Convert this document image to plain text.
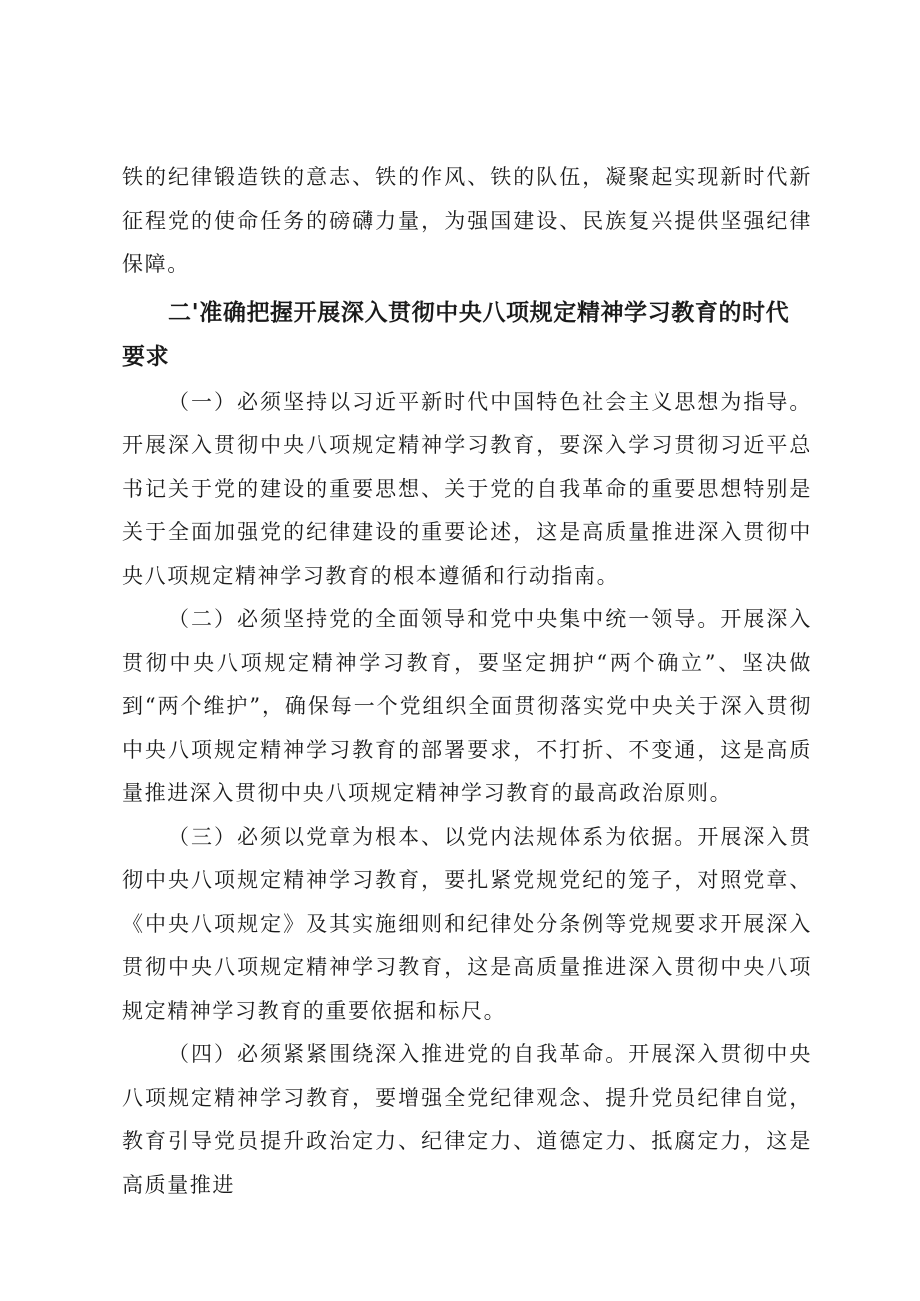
铁的纪律锻造铁的意志、铁的作风、铁的队伍，凝聚起实现新时代新征程党的使命任务的磅礴力量，为强国建设、民族复兴提供坚强纪律保障。

二'准确把握开展深入贯彻中央八项规定精神学习教育的时代要求

（一）必须坚持以习近平新时代中国特色社会主义思想为指导。开展深入贯彻中央八项规定精神学习教育，要深入学习贯彻习近平总书记关于党的建设的重要思想、关于党的自我革命的重要思想特别是关于全面加强党的纪律建设的重要论述，这是高质量推进深入贯彻中央八项规定精神学习教育的根本遵循和行动指南。

（二）必须坚持党的全面领导和党中央集中统一领导。开展深入贯彻中央八项规定精神学习教育，要坚定拥护“两个确立”、坚决做到“两个维护”，确保每一个党组织全面贯彻落实党中央关于深入贯彻中央八项规定精神学习教育的部署要求，不打折、不变通，这是高质量推进深入贯彻中央八项规定精神学习教育的最高政治原则。

（三）必须以党章为根本、以党内法规体系为依据。开展深入贯彻中央八项规定精神学习教育，要扎紧党规党纪的笼子，对照党章、《中央八项规定》及其实施细则和纪律处分条例等党规要求开展深入贯彻中央八项规定精神学习教育，这是高质量推进深入贯彻中央八项规定精神学习教育的重要依据和标尺。

（四）必须紧紧围绕深入推进党的自我革命。开展深入贯彻中央八项规定精神学习教育，要增强全党纪律观念、提升党员纪律自觉，教育引导党员提升政治定力、纪律定力、道德定力、抵腐定力，这是高质量推进
